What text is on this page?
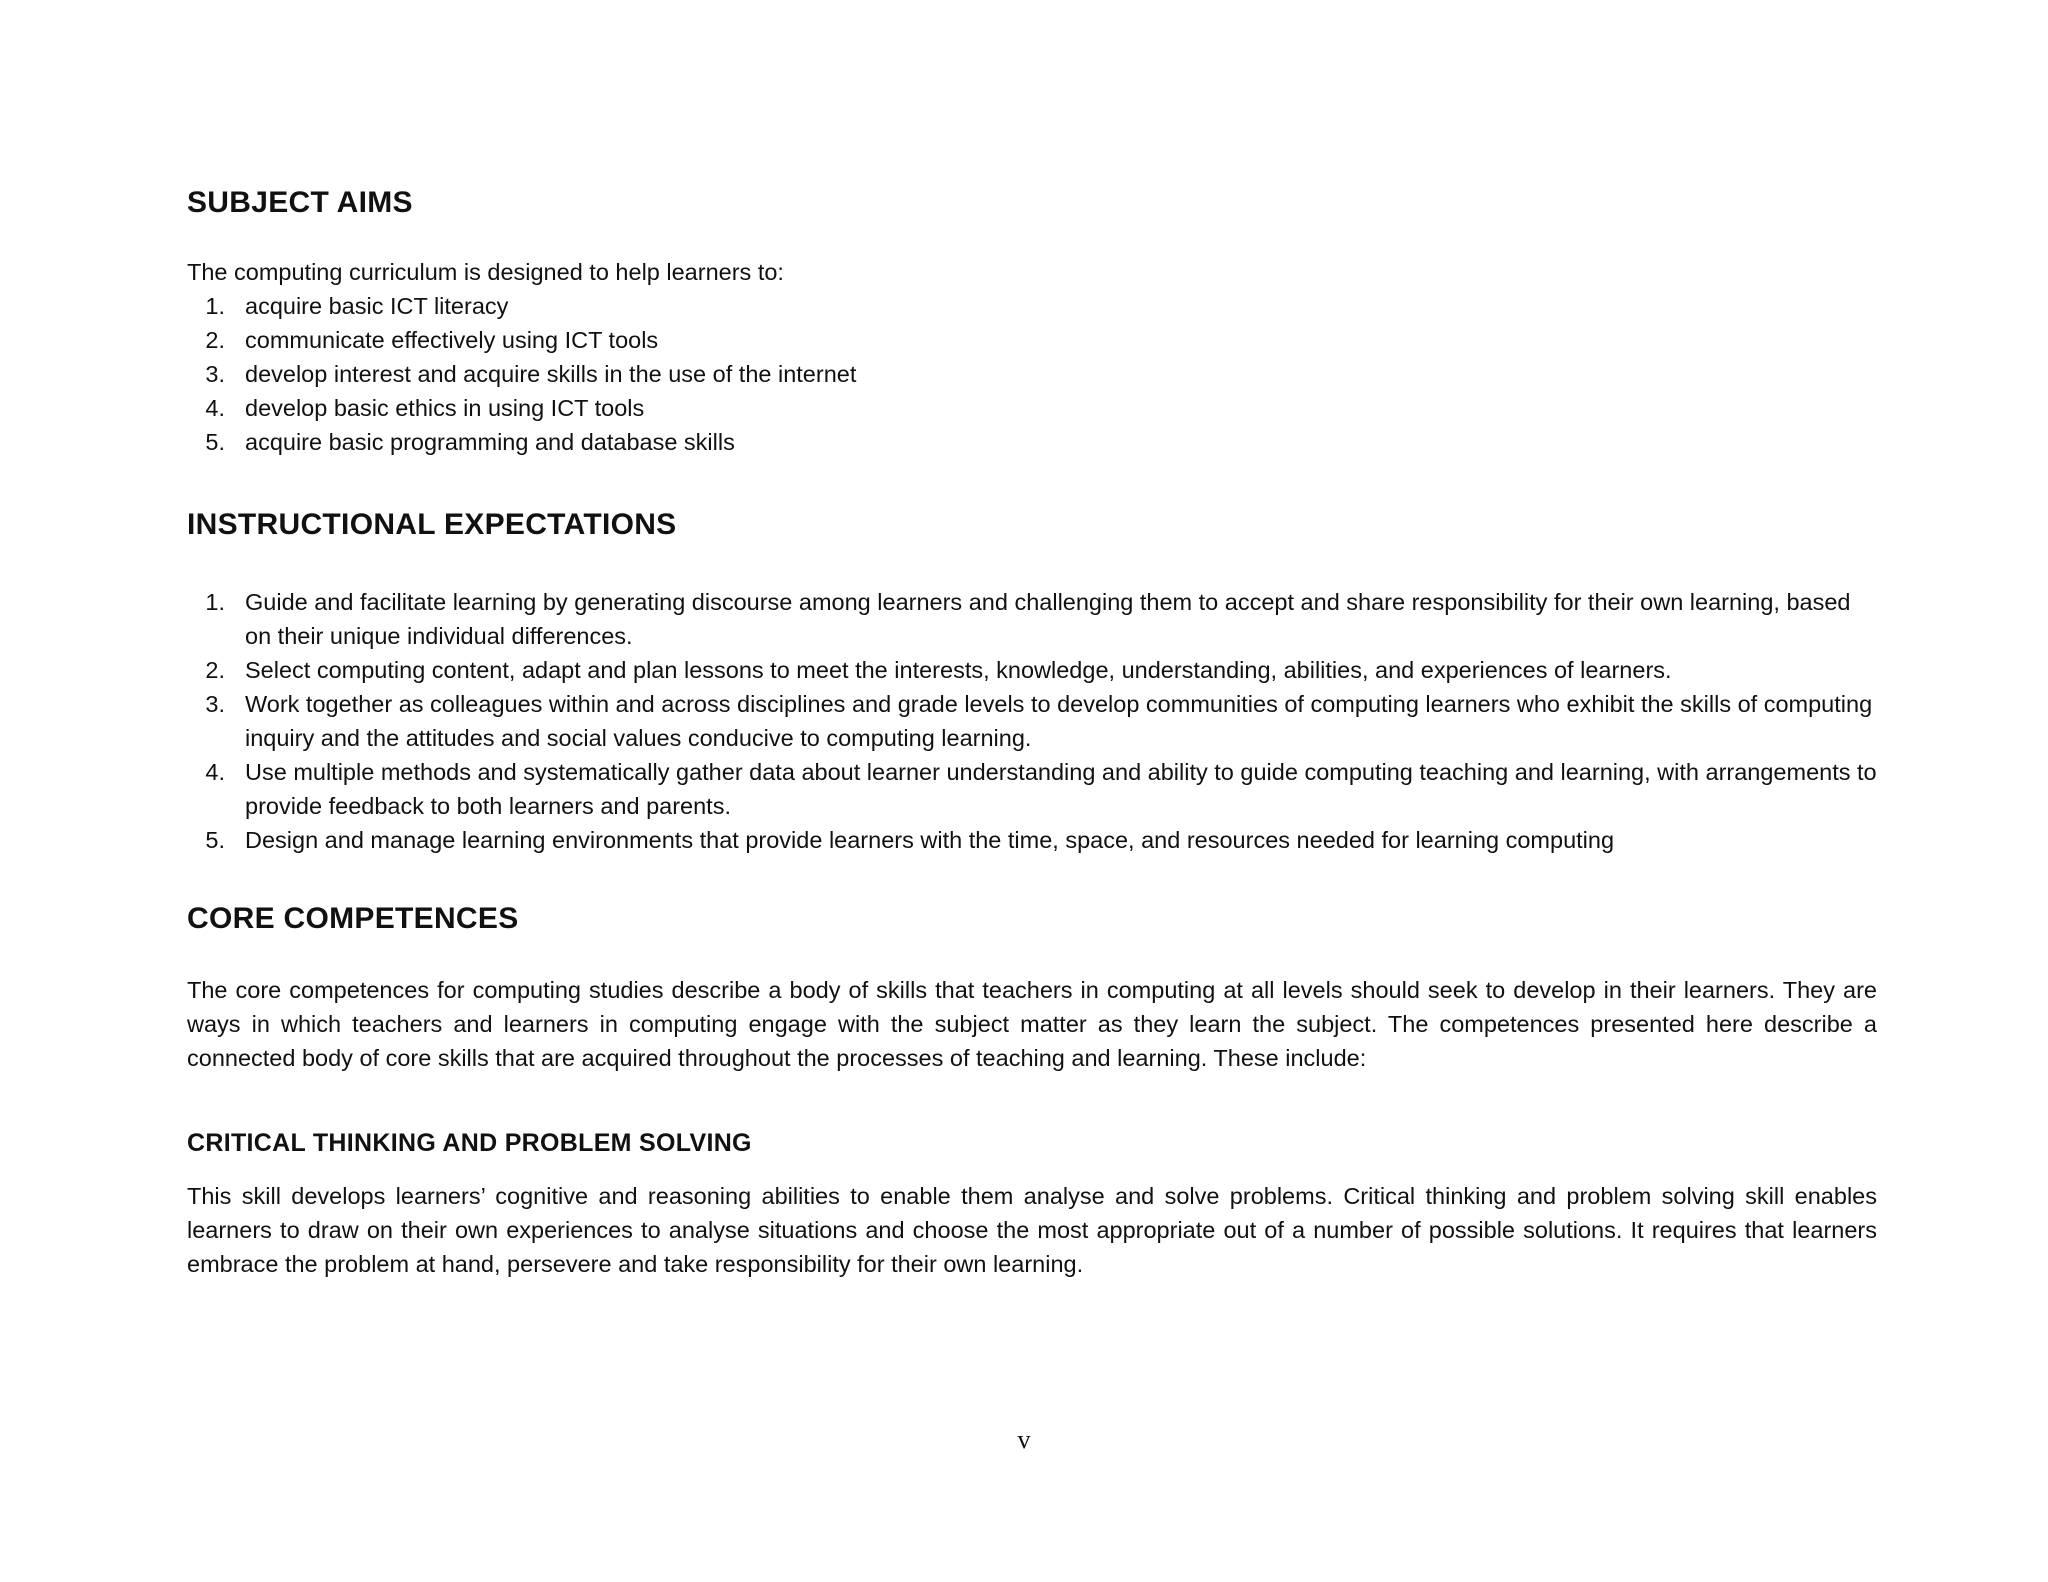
SUBJECT AIMS

The computing curriculum is designed to help learners to:

1. acquire basic ICT literacy
2. communicate effectively using ICT tools
3. develop interest and acquire skills in the use of the internet
4. develop basic ethics in using ICT tools
5. acquire basic programming and database skills
INSTRUCTIONAL EXPECTATIONS
1. Guide and facilitate learning by generating discourse among learners and challenging them to accept and share responsibility for their own learning, based on their unique individual differences.
2. Select computing content, adapt and plan lessons to meet the interests, knowledge, understanding, abilities, and experiences of learners.
3. Work together as colleagues within and across disciplines and grade levels to develop communities of computing learners who exhibit the skills of computing inquiry and the attitudes and social values conducive to computing learning.
4. Use multiple methods and systematically gather data about learner understanding and ability to guide computing teaching and learning, with arrangements to provide feedback to both learners and parents.
5. Design and manage learning environments that provide learners with the time, space, and resources needed for learning computing
CORE COMPETENCES

The core competences for computing studies describe a body of skills that teachers in computing at all levels should seek to develop in their learners. They are ways in which teachers and learners in computing engage with the subject matter as they learn the subject. The competences presented here describe a connected body of core skills that are acquired throughout the processes of teaching and learning. These include:

CRITICAL THINKING AND PROBLEM SOLVING

This skill develops learners’ cognitive and reasoning abilities to enable them analyse and solve problems. Critical thinking and problem solving skill enables learners to draw on their own experiences to analyse situations and choose the most appropriate out of a number of possible solutions. It requires that learners embrace the problem at hand, persevere and take responsibility for their own learning.

v
